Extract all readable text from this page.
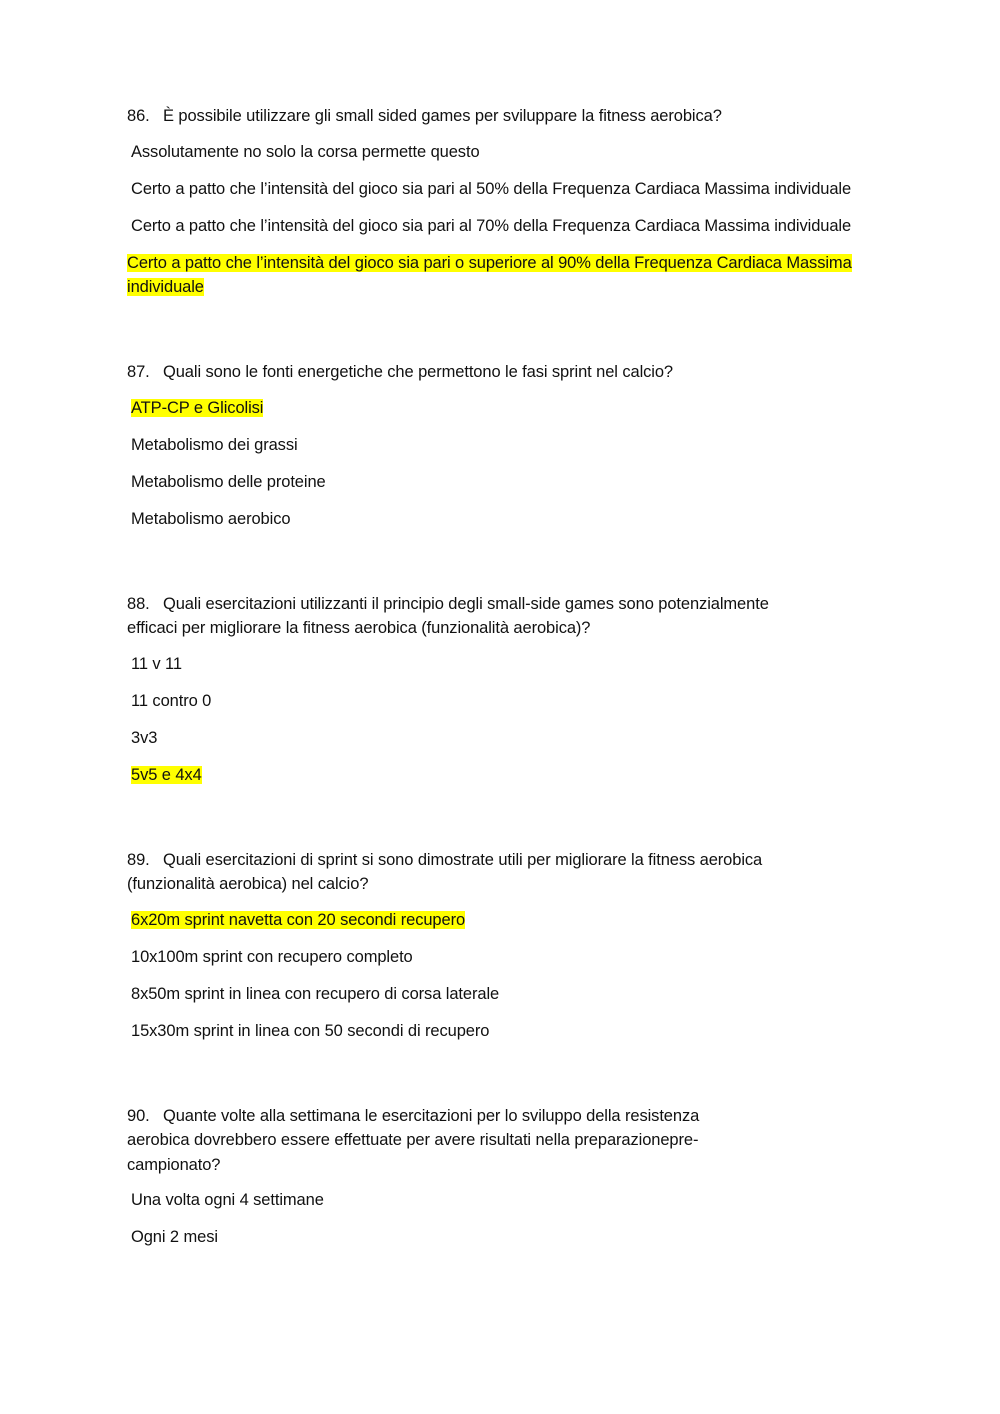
86. È possibile utilizzare gli small sided games per sviluppare la fitness aerobica?

Assolutamente no solo la corsa permette questo

Certo a patto che l’intensità del gioco sia pari al 50% della Frequenza Cardiaca Massima individuale

Certo a patto che l’intensità del gioco sia pari al 70% della Frequenza Cardiaca Massima individuale

Certo a patto che l’intensità del gioco sia pari o superiore al 90% della Frequenza Cardiaca Massima individuale

87. Quali sono le fonti energetiche che permettono le fasi sprint nel calcio?

ATP-CP e Glicolisi

Metabolismo dei grassi

Metabolismo delle proteine

Metabolismo aerobico

88. Quali esercitazioni utilizzanti il principio degli small-side games sono potenzialmente efficaci per migliorare la fitness aerobica (funzionalità aerobica)?

11 v 11

11 contro 0

3v3

5v5 e 4x4

89. Quali esercitazioni di sprint si sono dimostrate utili per migliorare la fitness aerobica (funzionalità aerobica) nel calcio?

6x20m sprint navetta con 20 secondi recupero

10x100m sprint con recupero completo

8x50m sprint in linea con recupero di corsa laterale

15x30m sprint in linea con 50 secondi di recupero

90. Quante volte alla settimana le esercitazioni per lo sviluppo della resistenza aerobica dovrebbero essere effettuate per avere risultati nella preparazionepre-campionato?

Una volta ogni 4 settimane

Ogni 2 mesi
